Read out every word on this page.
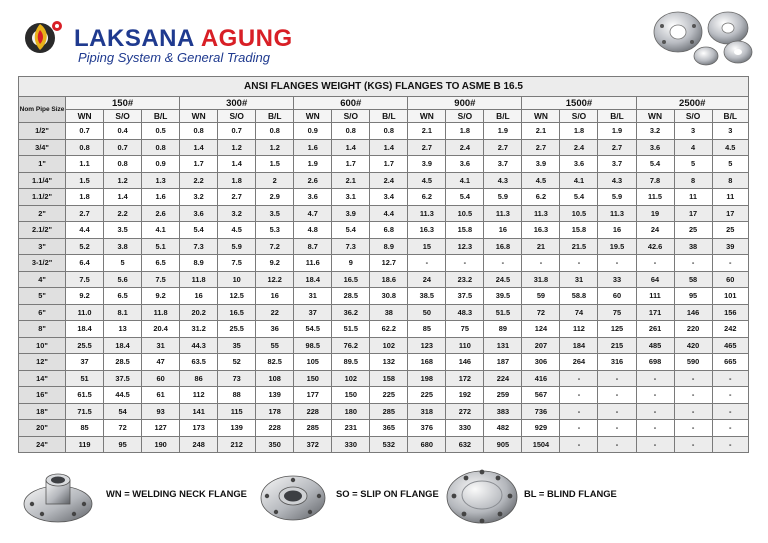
LAKSANA AGUNG
Piping System & General Trading
ANSI FLANGES WEIGHT (KGS) FLANGES TO ASME B 16.5																		
Nom Pipe Size	150#			300#			600#			900#			1500#			2500#		
	WN	S/O	B/L	WN	S/O	B/L	WN	S/O	B/L	WN	S/O	B/L	WN	S/O	B/L	WN	S/O	B/L
1/2"	0.7	0.4	0.5	0.8	0.7	0.8	0.9	0.8	0.8	2.1	1.8	1.9	2.1	1.8	1.9	3.2	3	3
3/4"	0.8	0.7	0.8	1.4	1.2	1.2	1.6	1.4	1.4	2.7	2.4	2.7	2.7	2.4	2.7	3.6	4	4.5
1"	1.1	0.8	0.9	1.7	1.4	1.5	1.9	1.7	1.7	3.9	3.6	3.7	3.9	3.6	3.7	5.4	5	5
1.1/4"	1.5	1.2	1.3	2.2	1.8	2	2.6	2.1	2.4	4.5	4.1	4.3	4.5	4.1	4.3	7.8	8	8
1.1/2"	1.8	1.4	1.6	3.2	2.7	2.9	3.6	3.1	3.4	6.2	5.4	5.9	6.2	5.4	5.9	11.5	11	11
2"	2.7	2.2	2.6	3.6	3.2	3.5	4.7	3.9	4.4	11.3	10.5	11.3	11.3	10.5	11.3	19	17	17
2.1/2"	4.4	3.5	4.1	5.4	4.5	5.3	4.8	5.4	6.8	16.3	15.8	16	16.3	15.8	16	24	25	25
3"	5.2	3.8	5.1	7.3	5.9	7.2	8.7	7.3	8.9	15	12.3	16.8	21	21.5	19.5	42.6	38	39
3-1/2"	6.4	5	6.5	8.9	7.5	9.2	11.6	9	12.7	-	-	-	-	-	-	-	-	-
4"	7.5	5.6	7.5	11.8	10	12.2	18.4	16.5	18.6	24	23.2	24.5	31.8	31	33	64	58	60
5"	9.2	6.5	9.2	16	12.5	16	31	28.5	30.8	38.5	37.5	39.5	59	58.8	60	111	95	101
6"	11.0	8.1	11.8	20.2	16.5	22	37	36.2	38	50	48.3	51.5	72	74	75	171	146	156
8"	18.4	13	20.4	31.2	25.5	36	54.5	51.5	62.2	85	75	89	124	112	125	261	220	242
10"	25.5	18.4	31	44.3	35	55	98.5	76.2	102	123	110	131	207	184	215	485	420	465
12"	37	28.5	47	63.5	52	82.5	105	89.5	132	168	146	187	306	264	316	698	590	665
14"	51	37.5	60	86	73	108	150	102	158	198	172	224	416	-	-	-	-	-
16"	61.5	44.5	61	112	88	139	177	150	225	225	192	259	567	-	-	-	-	-
18"	71.5	54	93	141	115	178	228	180	285	318	272	383	736	-	-	-	-	-
20"	85	72	127	173	139	228	285	231	365	376	330	482	929	-	-	-	-	-
24"	119	95	190	248	212	350	372	330	532	680	632	905	1504	-	-	-	-	-
WN = WELDING NECK FLANGE	SO = SLIP ON FLANGE	BL = BLIND FLANGE
